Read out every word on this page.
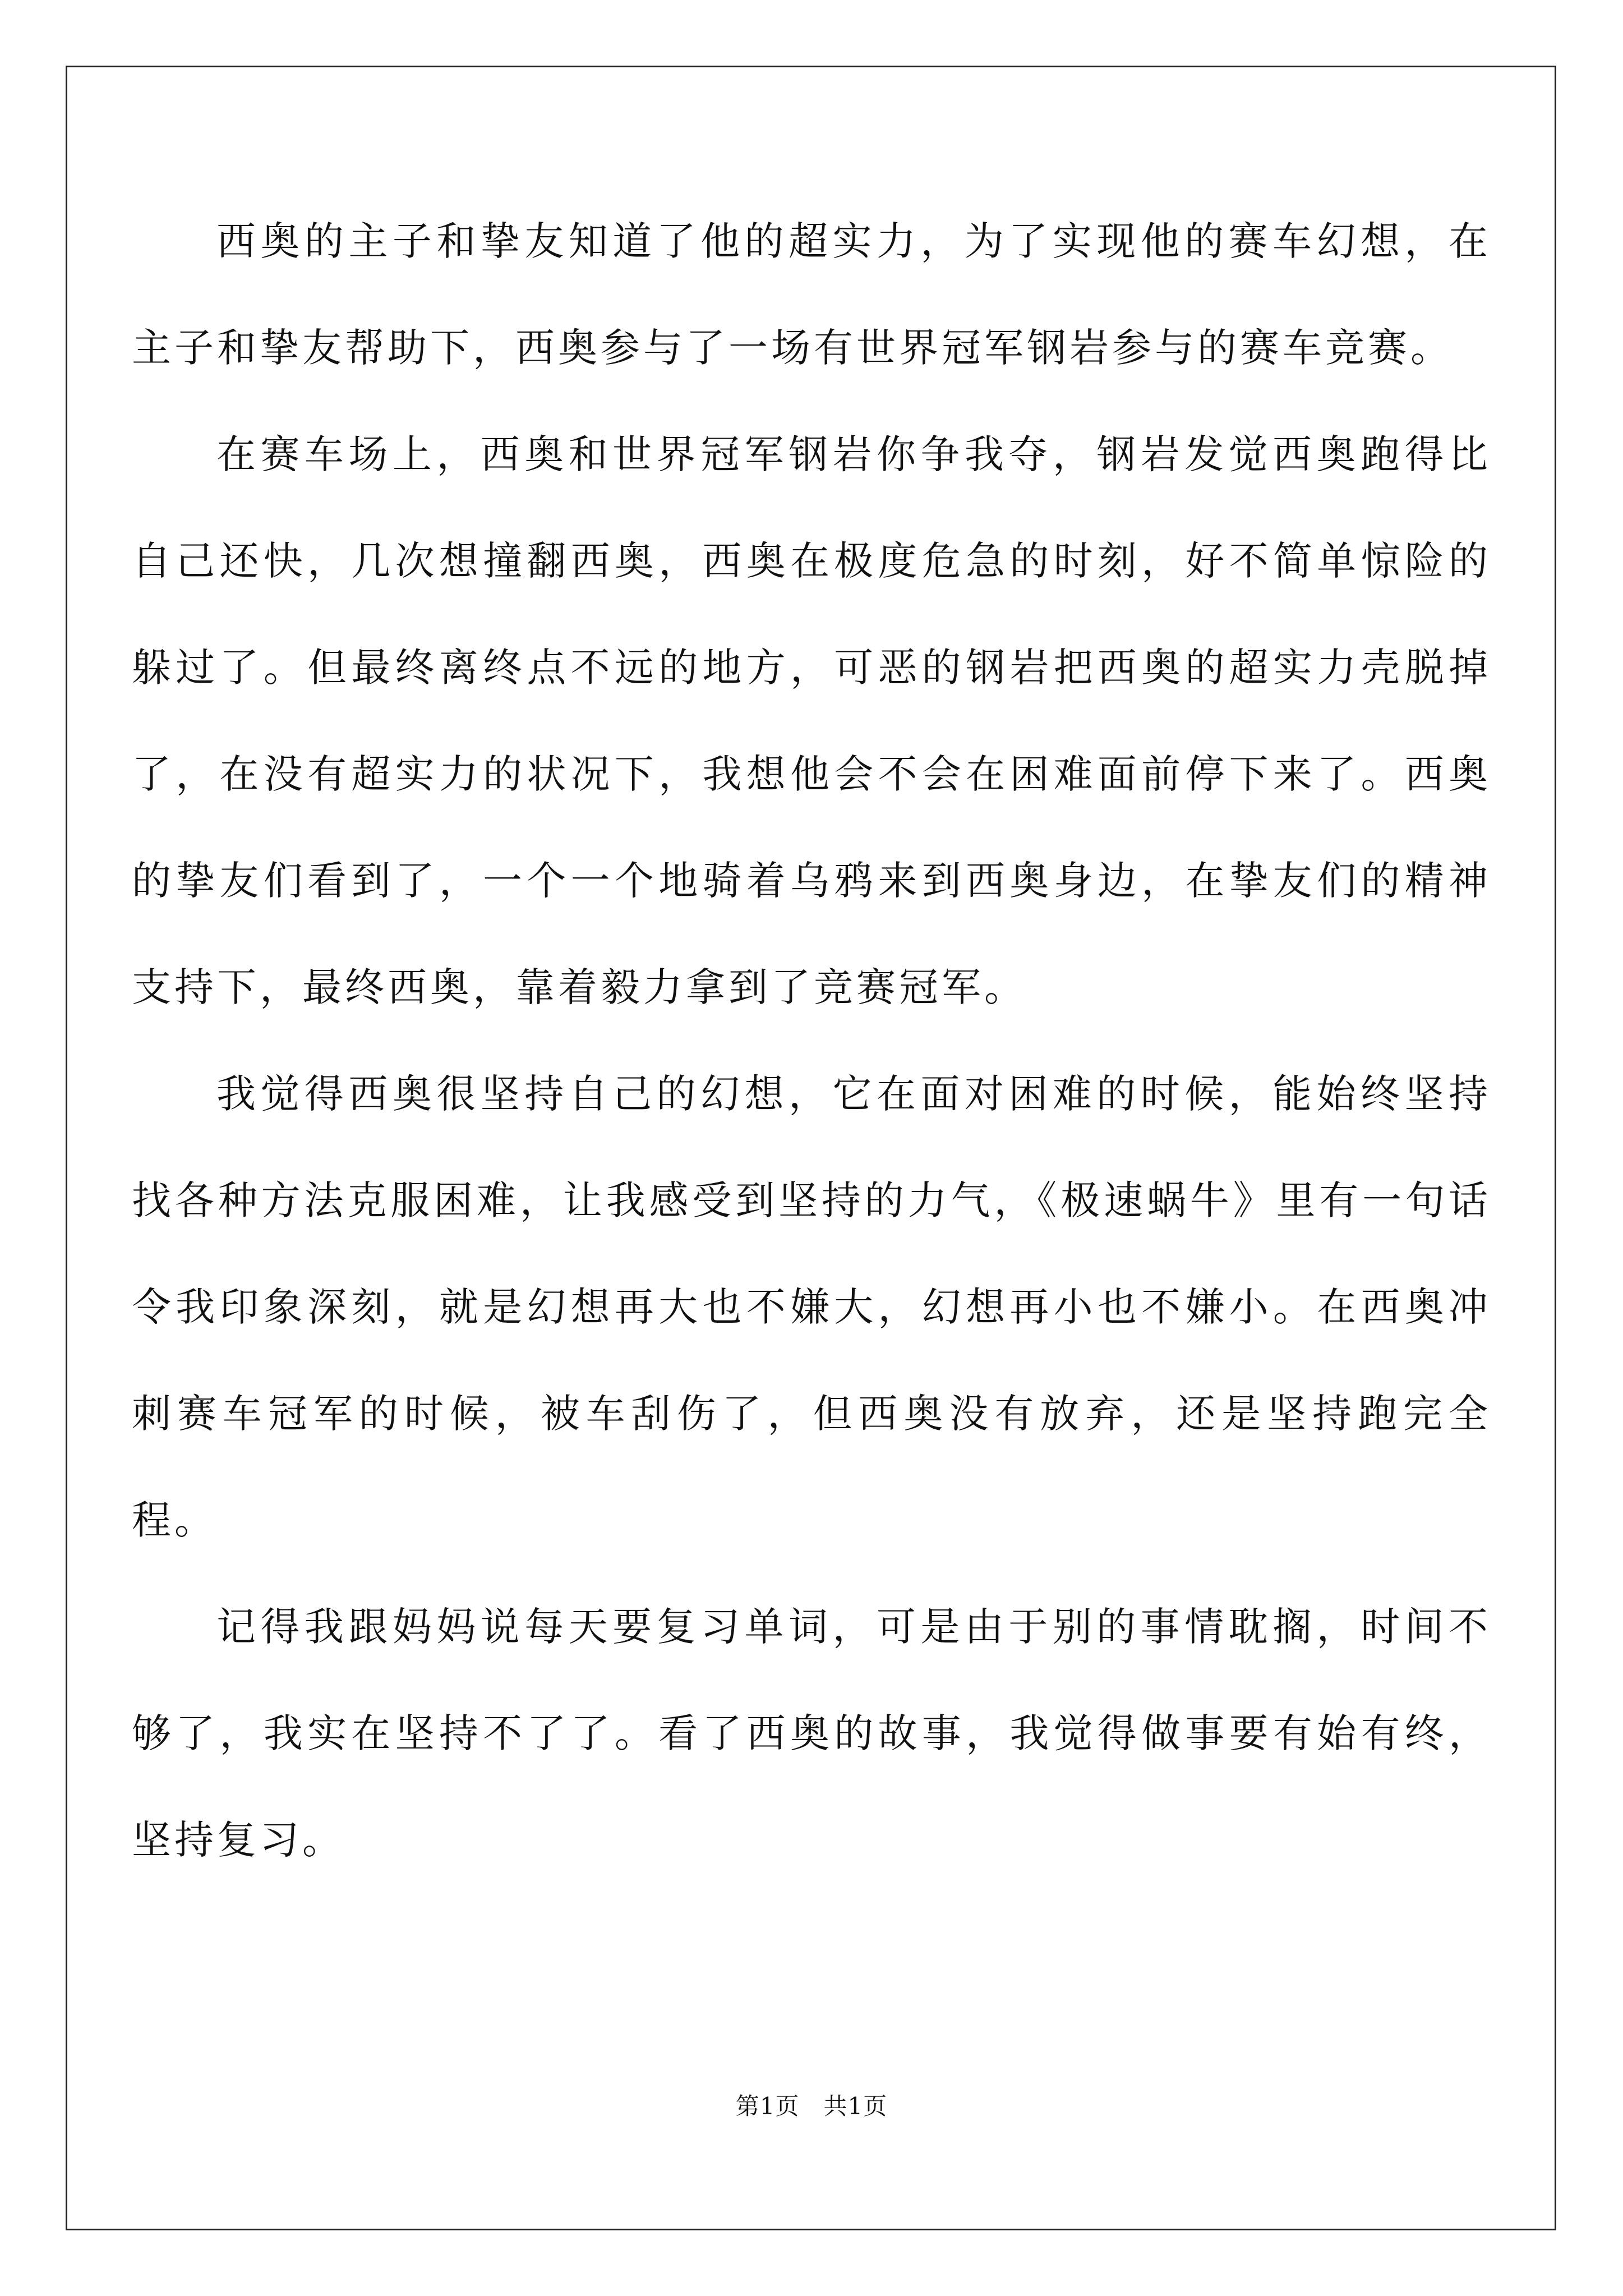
西奥的主子和挚友知道了他的超实力，为了实现他的赛车幻想，在主子和挚友帮助下，西奥参与了一场有世界冠军钢岩参与的赛车竞赛。

在赛车场上，西奥和世界冠军钢岩你争我夺，钢岩发觉西奥跑得比自己还快，几次想撞翻西奥，西奥在极度危急的时刻，好不简单惊险的躲过了。但最终离终点不远的地方，可恶的钢岩把西奥的超实力壳脱掉了，在没有超实力的状况下，我想他会不会在困难面前停下来了。西奥的挚友们看到了，一个一个地骑着乌鸦来到西奥身边，在挚友们的精神支持下，最终西奥，靠着毅力拿到了竞赛冠军。

我觉得西奥很坚持自己的幻想，它在面对困难的时候，能始终坚持找各种方法克服困难，让我感受到坚持的力气，《极速蜗牛》里有一句话令我印象深刻，就是幻想再大也不嫌大，幻想再小也不嫌小。在西奥冲刺赛车冠军的时候，被车刮伤了，但西奥没有放弃，还是坚持跑完全程。

记得我跟妈妈说每天要复习单词，可是由于别的事情耽搁，时间不够了，我实在坚持不了了。看了西奥的故事，我觉得做事要有始有终，坚持复习。

第1页　共1页
